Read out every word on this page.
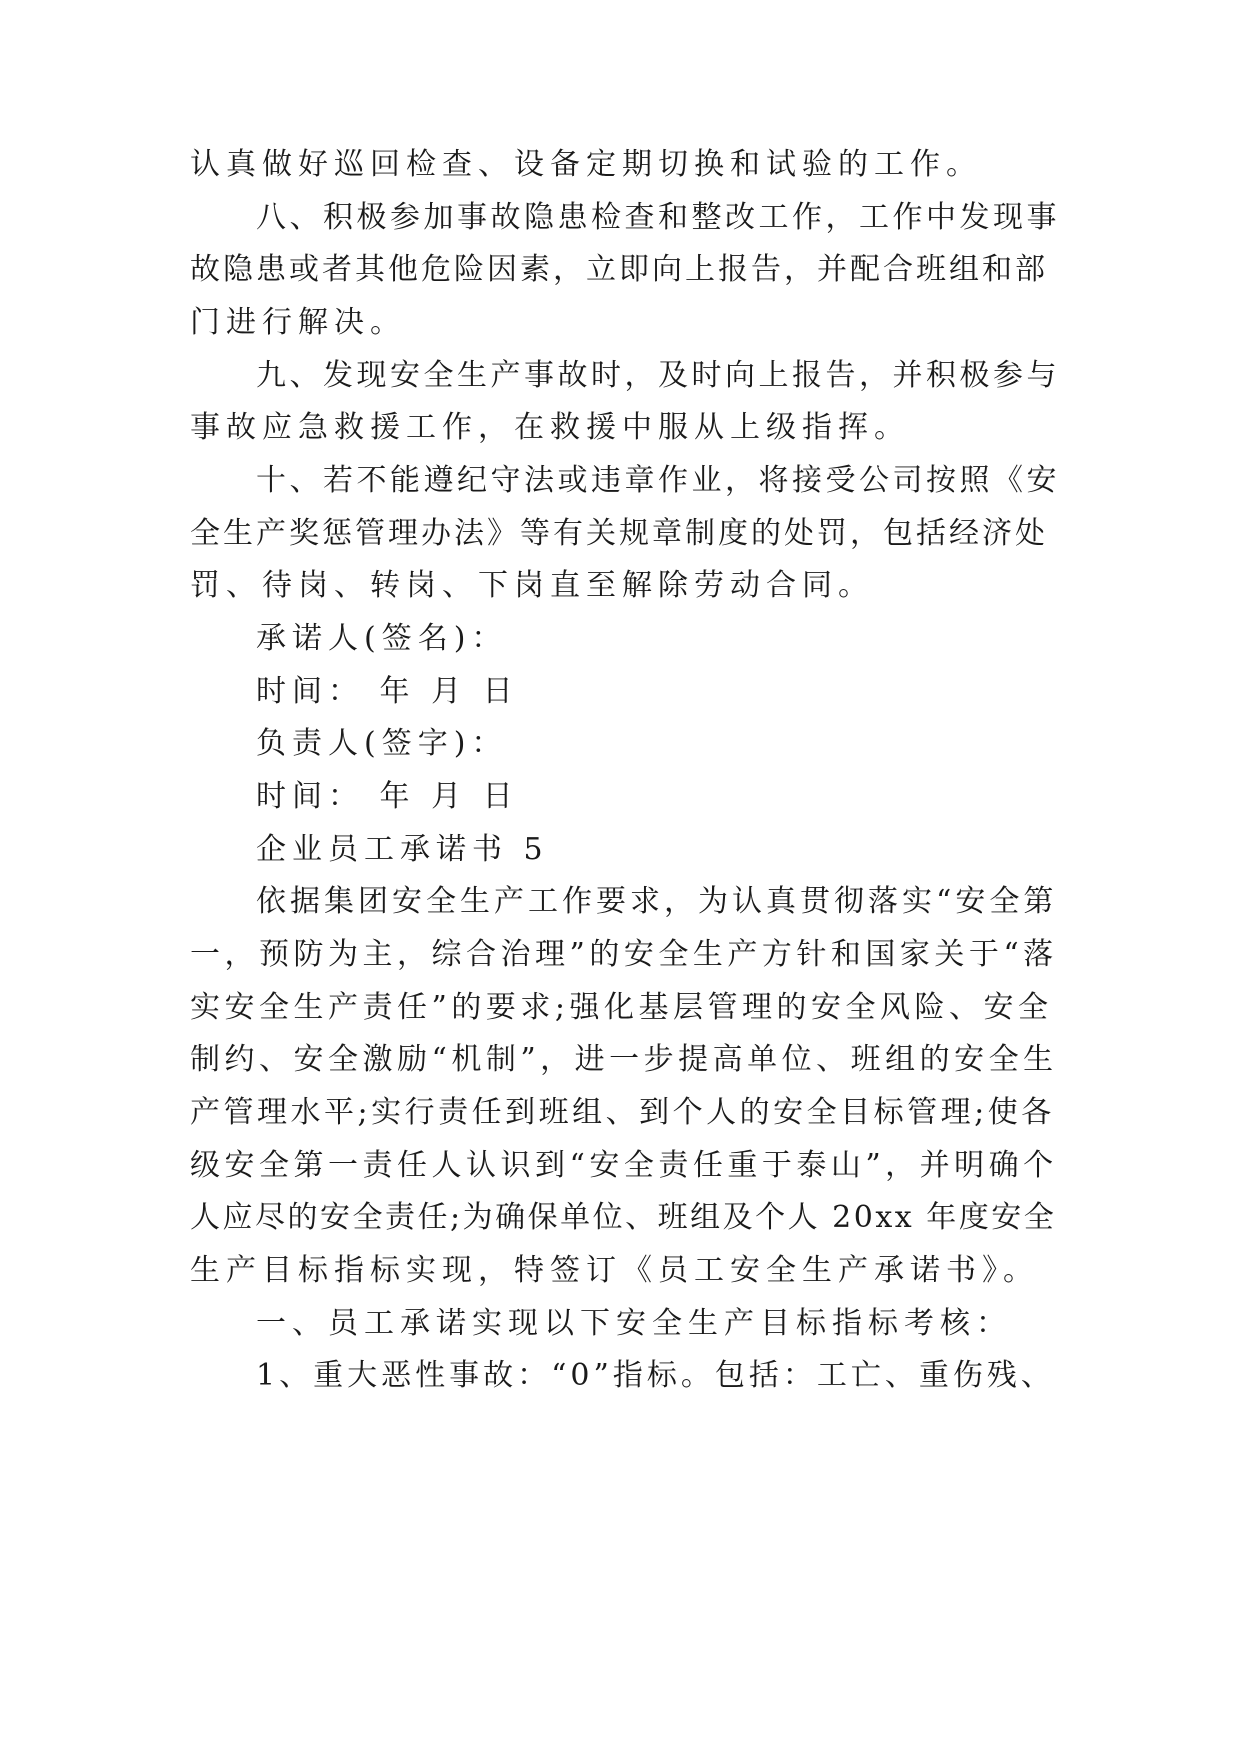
认真做好巡回检查、设备定期切换和试验的工作。
八、积极参加事故隐患检查和整改工作，工作中发现事
故隐患或者其他危险因素，立即向上报告，并配合班组和部
门进行解决。
九、发现安全生产事故时，及时向上报告，并积极参与
事故应急救援工作，在救援中服从上级指挥。
十、若不能遵纪守法或违章作业，将接受公司按照《安
全生产奖惩管理办法》等有关规章制度的处罚，包括经济处
罚、待岗、转岗、下岗直至解除劳动合同。
承诺人(签名)：
时间： 年 月 日
负责人(签字)：
时间： 年 月 日
企业员工承诺书 5
依据集团安全生产工作要求，为认真贯彻落实“安全第
一，预防为主，综合治理”的安全生产方针和国家关于“落
实安全生产责任”的要求;强化基层管理的安全风险、安全
制约、安全激励“机制”，进一步提高单位、班组的安全生
产管理水平;实行责任到班组、到个人的安全目标管理;使各
级安全第一责任人认识到“安全责任重于泰山”，并明确个
人应尽的安全责任;为确保单位、班组及个人 20xx 年度安全
生产目标指标实现，特签订《员工安全生产承诺书》。
一、员工承诺实现以下安全生产目标指标考核：
1、重大恶性事故：“0”指标。包括：工亡、重伤残、
